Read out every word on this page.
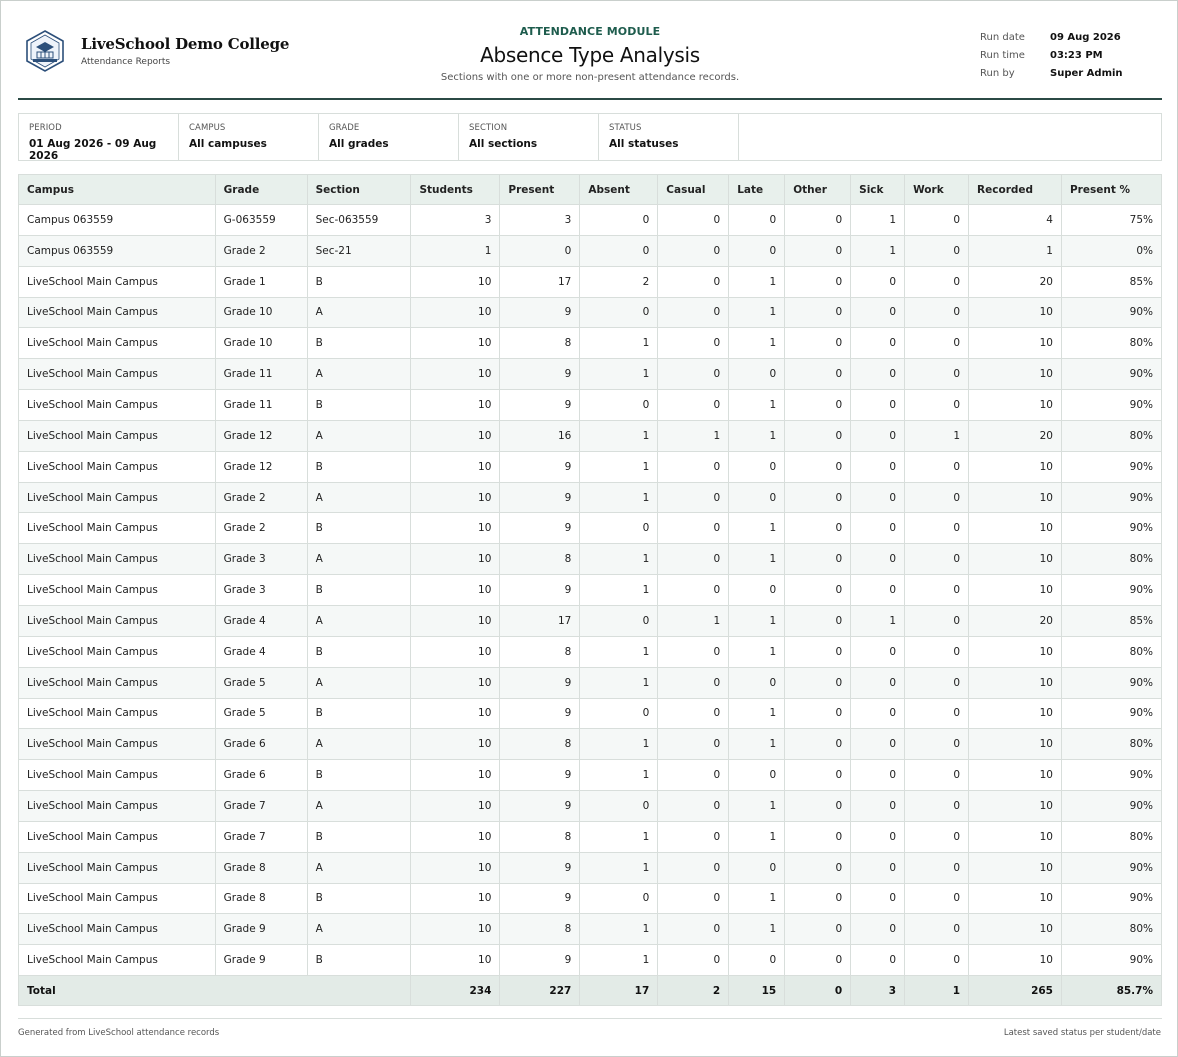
LiveSchool Demo College
Attendance Reports
ATTENDANCE MODULE
Absence Type Analysis
Sections with one or more non-present attendance records.
Run date	09 Aug 2026
Run time	03:23 PM
Run by	Super Admin
PERIOD
01 Aug 2026 - 09 Aug 2026
CAMPUS
All campuses
GRADE
All grades
SECTION
All sections
STATUS
All statuses
Campus	Grade	Section	Students	Present	Absent	Casual	Late	Other	Sick	Work	Recorded	Present %
Campus 063559	G-063559	Sec-063559	3	3	0	0	0	0	1	0	4	75%
Campus 063559	Grade 2	Sec-21	1	0	0	0	0	0	1	0	1	0%
LiveSchool Main Campus	Grade 1	B	10	17	2	0	1	0	0	0	20	85%
LiveSchool Main Campus	Grade 10	A	10	9	0	0	1	0	0	0	10	90%
LiveSchool Main Campus	Grade 10	B	10	8	1	0	1	0	0	0	10	80%
LiveSchool Main Campus	Grade 11	A	10	9	1	0	0	0	0	0	10	90%
LiveSchool Main Campus	Grade 11	B	10	9	0	0	1	0	0	0	10	90%
LiveSchool Main Campus	Grade 12	A	10	16	1	1	1	0	0	1	20	80%
LiveSchool Main Campus	Grade 12	B	10	9	1	0	0	0	0	0	10	90%
LiveSchool Main Campus	Grade 2	A	10	9	1	0	0	0	0	0	10	90%
LiveSchool Main Campus	Grade 2	B	10	9	0	0	1	0	0	0	10	90%
LiveSchool Main Campus	Grade 3	A	10	8	1	0	1	0	0	0	10	80%
LiveSchool Main Campus	Grade 3	B	10	9	1	0	0	0	0	0	10	90%
LiveSchool Main Campus	Grade 4	A	10	17	0	1	1	0	1	0	20	85%
LiveSchool Main Campus	Grade 4	B	10	8	1	0	1	0	0	0	10	80%
LiveSchool Main Campus	Grade 5	A	10	9	1	0	0	0	0	0	10	90%
LiveSchool Main Campus	Grade 5	B	10	9	0	0	1	0	0	0	10	90%
LiveSchool Main Campus	Grade 6	A	10	8	1	0	1	0	0	0	10	80%
LiveSchool Main Campus	Grade 6	B	10	9	1	0	0	0	0	0	10	90%
LiveSchool Main Campus	Grade 7	A	10	9	0	0	1	0	0	0	10	90%
LiveSchool Main Campus	Grade 7	B	10	8	1	0	1	0	0	0	10	80%
LiveSchool Main Campus	Grade 8	A	10	9	1	0	0	0	0	0	10	90%
LiveSchool Main Campus	Grade 8	B	10	9	0	0	1	0	0	0	10	90%
LiveSchool Main Campus	Grade 9	A	10	8	1	0	1	0	0	0	10	80%
LiveSchool Main Campus	Grade 9	B	10	9	1	0	0	0	0	0	10	90%
Total			234	227	17	2	15	0	3	1	265	85.7%
Generated from LiveSchool attendance records	Latest saved status per student/date
